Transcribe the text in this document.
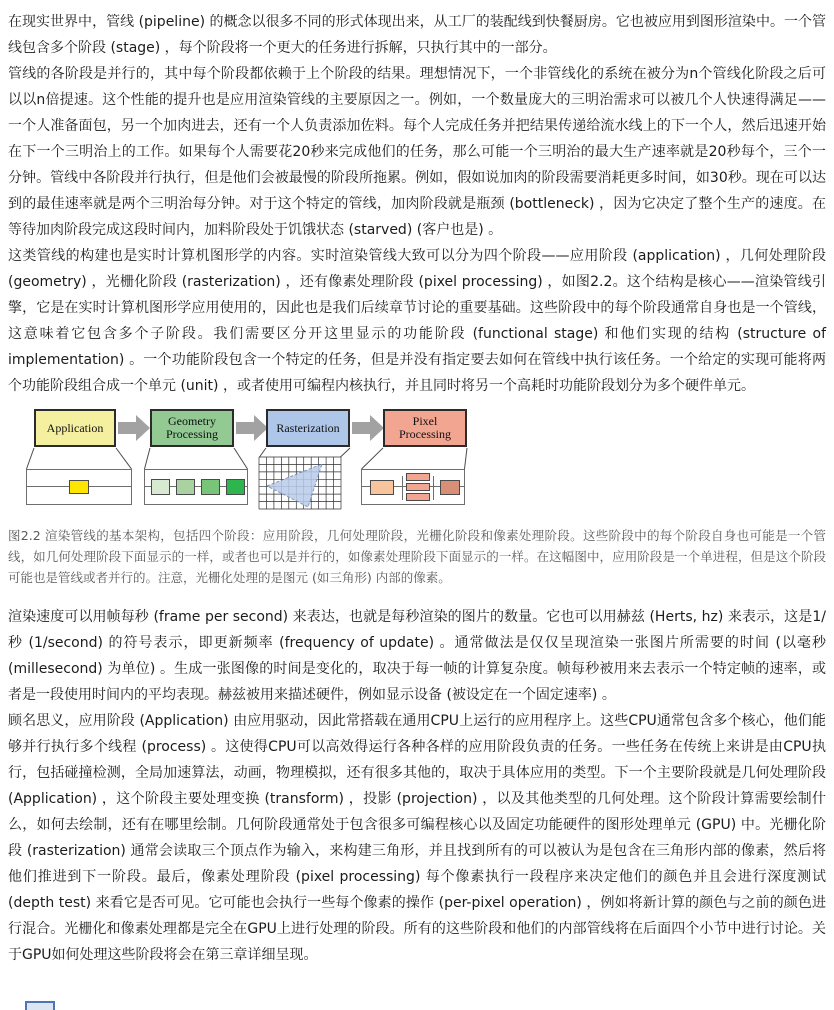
在现实世界中，管线 (pipeline) 的概念以很多不同的形式体现出来，从工厂的装配线到快餐厨房。它也被应用到图形渲染中。一个管线包含多个阶段 (stage) ，每个阶段将一个更大的任务进行拆解，只执行其中的一部分。

管线的各阶段是并行的，其中每个阶段都依赖于上个阶段的结果。理想情况下，一个非管线化的系统在被分为n个管线化阶段之后可以以n倍提速。这个性能的提升也是应用渲染管线的主要原因之一。例如，一个数量庞大的三明治需求可以被几个人快速得满足——一个人准备面包，另一个加肉进去，还有一个人负责添加佐料。每个人完成任务并把结果传递给流水线上的下一个人，然后迅速开始在下一个三明治上的工作。如果每个人需要花20秒来完成他们的任务，那么可能一个三明治的最大生产速率就是20秒每个，三个一分钟。管线中各阶段并行执行，但是他们会被最慢的阶段所拖累。例如，假如说加肉的阶段需要消耗更多时间，如30秒。现在可以达到的最佳速率就是两个三明治每分钟。对于这个特定的管线，加肉阶段就是瓶颈 (bottleneck) ，因为它决定了整个生产的速度。在等待加肉阶段完成这段时间内，加料阶段处于饥饿状态 (starved) (客户也是) 。

这类管线的构建也是实时计算机图形学的内容。实时渲染管线大致可以分为四个阶段——应用阶段 (application) ，几何处理阶段 (geometry) ，光栅化阶段 (rasterization) ，还有像素处理阶段 (pixel processing) ，如图2.2。这个结构是核心——渲染管线引擎，它是在实时计算机图形学应用使用的，因此也是我们后续章节讨论的重要基础。这些阶段中的每个阶段通常自身也是一个管线，这意味着它包含多个子阶段。我们需要区分开这里显示的功能阶段 (functional stage) 和他们实现的结构 (structure of implementation) 。一个功能阶段包含一个特定的任务，但是并没有指定要去如何在管线中执行该任务。一个给定的实现可能将两个功能阶段组合成一个单元 (unit) ，或者使用可编程内核执行，并且同时将另一个高耗时功能阶段划分为多个硬件单元。

Application	Geometry Processing	Rasterization	Pixel Processing

图2.2 渲染管线的基本架构，包括四个阶段：应用阶段，几何处理阶段，光栅化阶段和像素处理阶段。这些阶段中的每个阶段自身也可能是一个管线，如几何处理阶段下面显示的一样，或者也可以是并行的，如像素处理阶段下面显示的一样。在这幅图中，应用阶段是一个单进程，但是这个阶段可能也是管线或者并行的。注意，光栅化处理的是图元 (如三角形) 内部的像素。

渲染速度可以用帧每秒 (frame per second) 来表达，也就是每秒渲染的图片的数量。它也可以用赫兹 (Herts, hz) 来表示，这是1/秒 (1/second) 的符号表示，即更新频率 (frequency of update) 。通常做法是仅仅呈现渲染一张图片所需要的时间 (以毫秒 (millesecond) 为单位) 。生成一张图像的时间是变化的，取决于每一帧的计算复杂度。帧每秒被用来去表示一个特定帧的速率，或者是一段使用时间内的平均表现。赫兹被用来描述硬件，例如显示设备 (被设定在一个固定速率) 。

顾名思义，应用阶段 (Application) 由应用驱动，因此常搭载在通用CPU上运行的应用程序上。这些CPU通常包含多个核心，他们能够并行执行多个线程 (process) 。这使得CPU可以高效得运行各种各样的应用阶段负责的任务。一些任务在传统上来讲是由CPU执行，包括碰撞检测，全局加速算法，动画，物理模拟，还有很多其他的，取决于具体应用的类型。下一个主要阶段就是几何处理阶段 (Application) ，这个阶段主要处理变换 (transform) ，投影 (projection) ，以及其他类型的几何处理。这个阶段计算需要绘制什么，如何去绘制，还有在哪里绘制。几何阶段通常处于包含很多可编程核心以及固定功能硬件的图形处理单元 (GPU) 中。光栅化阶段 (rasterization) 通常会读取三个顶点作为输入，来构建三角形，并且找到所有的可以被认为是包含在三角形内部的像素，然后将他们推进到下一阶段。最后，像素处理阶段 (pixel processing) 每个像素执行一段程序来决定他们的颜色并且会进行深度测试 (depth test) 来看它是否可见。它可能也会执行一些每个像素的操作 (per-pixel operation) ，例如将新计算的颜色与之前的颜色进行混合。光栅化和像素处理都是完全在GPU上进行处理的阶段。所有的这些阶段和他们的内部管线将在后面四个小节中进行讨论。关于GPU如何处理这些阶段将会在第三章详细呈现。
